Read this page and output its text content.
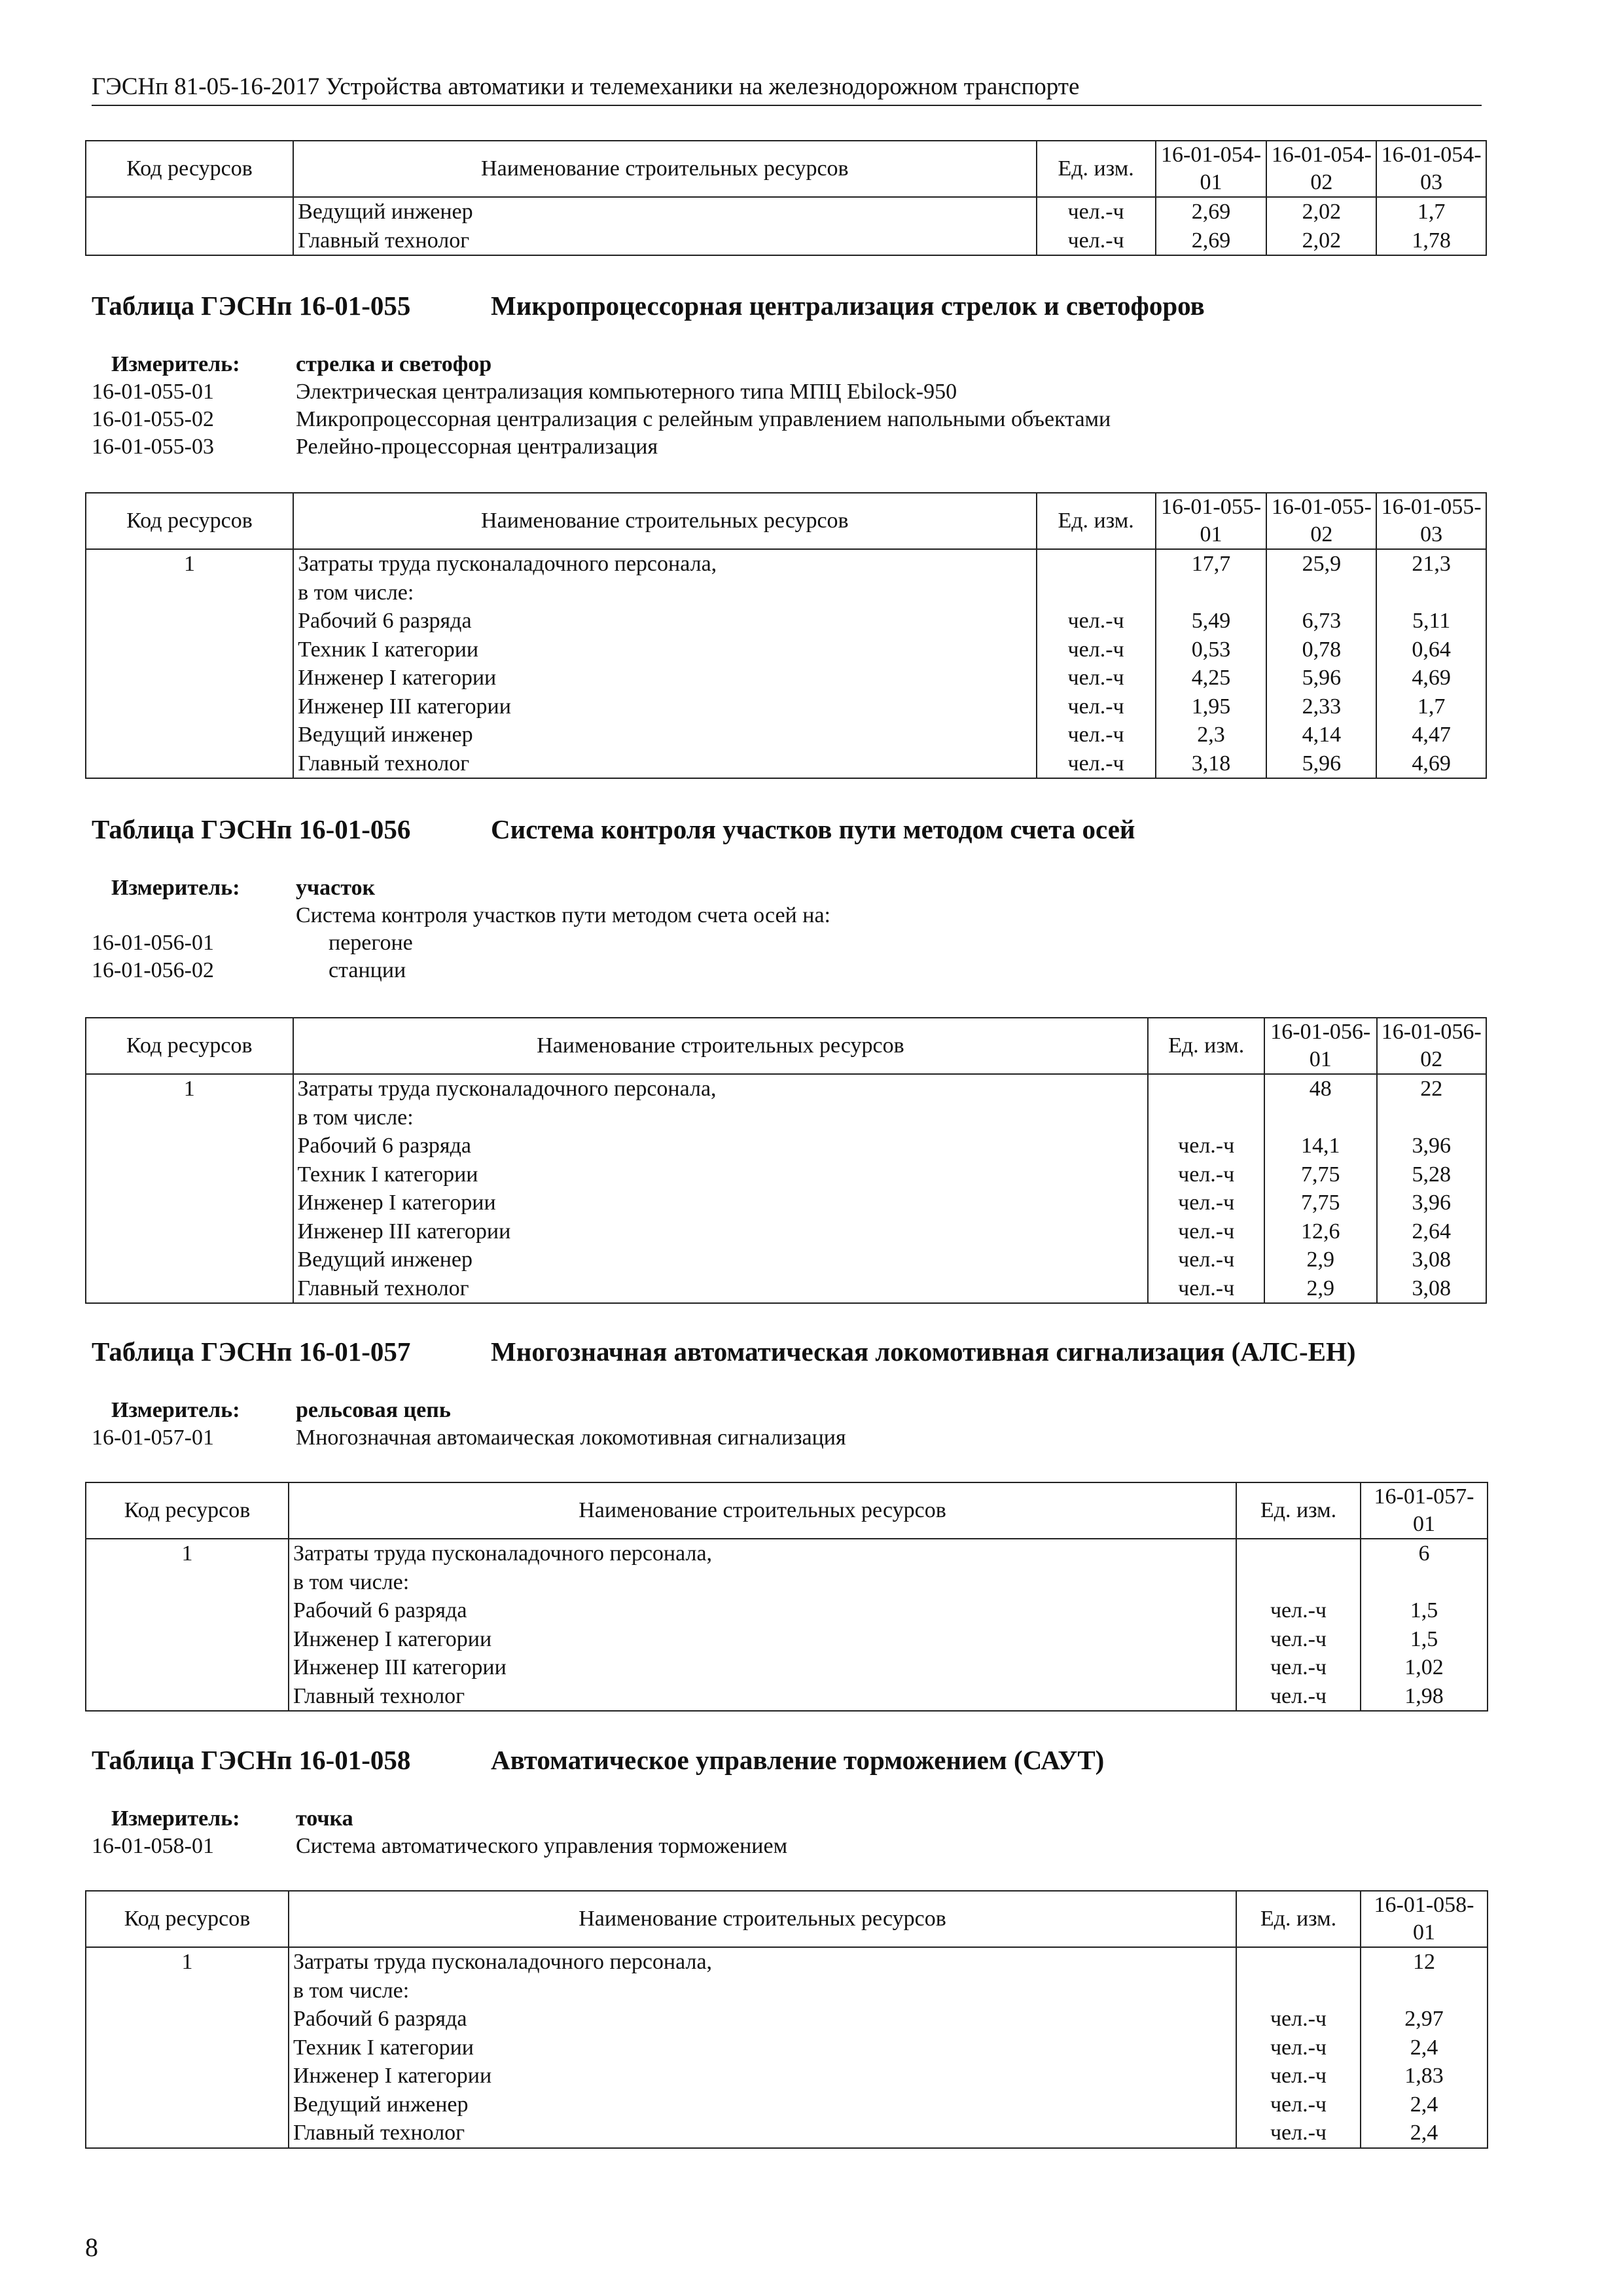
ГЭСНп 81-05-16-2017 Устройства автоматики и телемеханики на железнодорожном транспорте
Код ресурсов	Наименование строительных ресурсов	Ед. изм.	16-01-054-01	16-01-054-02	16-01-054-03
	Ведущий инженер	чел.-ч	2,69	2,02	1,7
	Главный технолог	чел.-ч	2,69	2,02	1,78
Таблица ГЭСНп 16-01-055	Микропроцессорная централизация стрелок и светофоров
Измеритель:	стрелка и светофор
16-01-055-01	Электрическая централизация компьютерного типа МПЦ Ebilock-950
16-01-055-02	Микропроцессорная централизация с релейным управлением напольными объектами
16-01-055-03	Релейно-процессорная централизация
Код ресурсов	Наименование строительных ресурсов	Ед. изм.	16-01-055-01	16-01-055-02	16-01-055-03
1	Затраты труда пусконаладочного персонала,		17,7	25,9	21,3
	в том числе:				
	Рабочий 6 разряда	чел.-ч	5,49	6,73	5,11
	Техник I категории	чел.-ч	0,53	0,78	0,64
	Инженер I категории	чел.-ч	4,25	5,96	4,69
	Инженер III категории	чел.-ч	1,95	2,33	1,7
	Ведущий инженер	чел.-ч	2,3	4,14	4,47
	Главный технолог	чел.-ч	3,18	5,96	4,69
Таблица ГЭСНп 16-01-056	Система контроля участков пути методом счета осей
Измеритель:	участок
Система контроля участков пути методом счета осей на:
16-01-056-01	перегоне
16-01-056-02	станции
Код ресурсов	Наименование строительных ресурсов	Ед. изм.	16-01-056-01	16-01-056-02
1	Затраты труда пусконаладочного персонала,		48	22
	в том числе:			
	Рабочий 6 разряда	чел.-ч	14,1	3,96
	Техник I категории	чел.-ч	7,75	5,28
	Инженер I категории	чел.-ч	7,75	3,96
	Инженер III категории	чел.-ч	12,6	2,64
	Ведущий инженер	чел.-ч	2,9	3,08
	Главный технолог	чел.-ч	2,9	3,08
Таблица ГЭСНп 16-01-057	Многозначная автоматическая локомотивная сигнализация (АЛС-ЕН)
Измеритель:	рельсовая цепь
16-01-057-01	Многозначная автомаическая локомотивная сигнализация
Код ресурсов	Наименование строительных ресурсов	Ед. изм.	16-01-057-01
1	Затраты труда пусконаладочного персонала,		6
	в том числе:		
	Рабочий 6 разряда	чел.-ч	1,5
	Инженер I категории	чел.-ч	1,5
	Инженер III категории	чел.-ч	1,02
	Главный технолог	чел.-ч	1,98
Таблица ГЭСНп 16-01-058	Автоматическое управление торможением (САУТ)
Измеритель:	точка
16-01-058-01	Система автоматического управления торможением
Код ресурсов	Наименование строительных ресурсов	Ед. изм.	16-01-058-01
1	Затраты труда пусконаладочного персонала,		12
	в том числе:		
	Рабочий 6 разряда	чел.-ч	2,97
	Техник I категории	чел.-ч	2,4
	Инженер I категории	чел.-ч	1,83
	Ведущий инженер	чел.-ч	2,4
	Главный технолог	чел.-ч	2,4
8
